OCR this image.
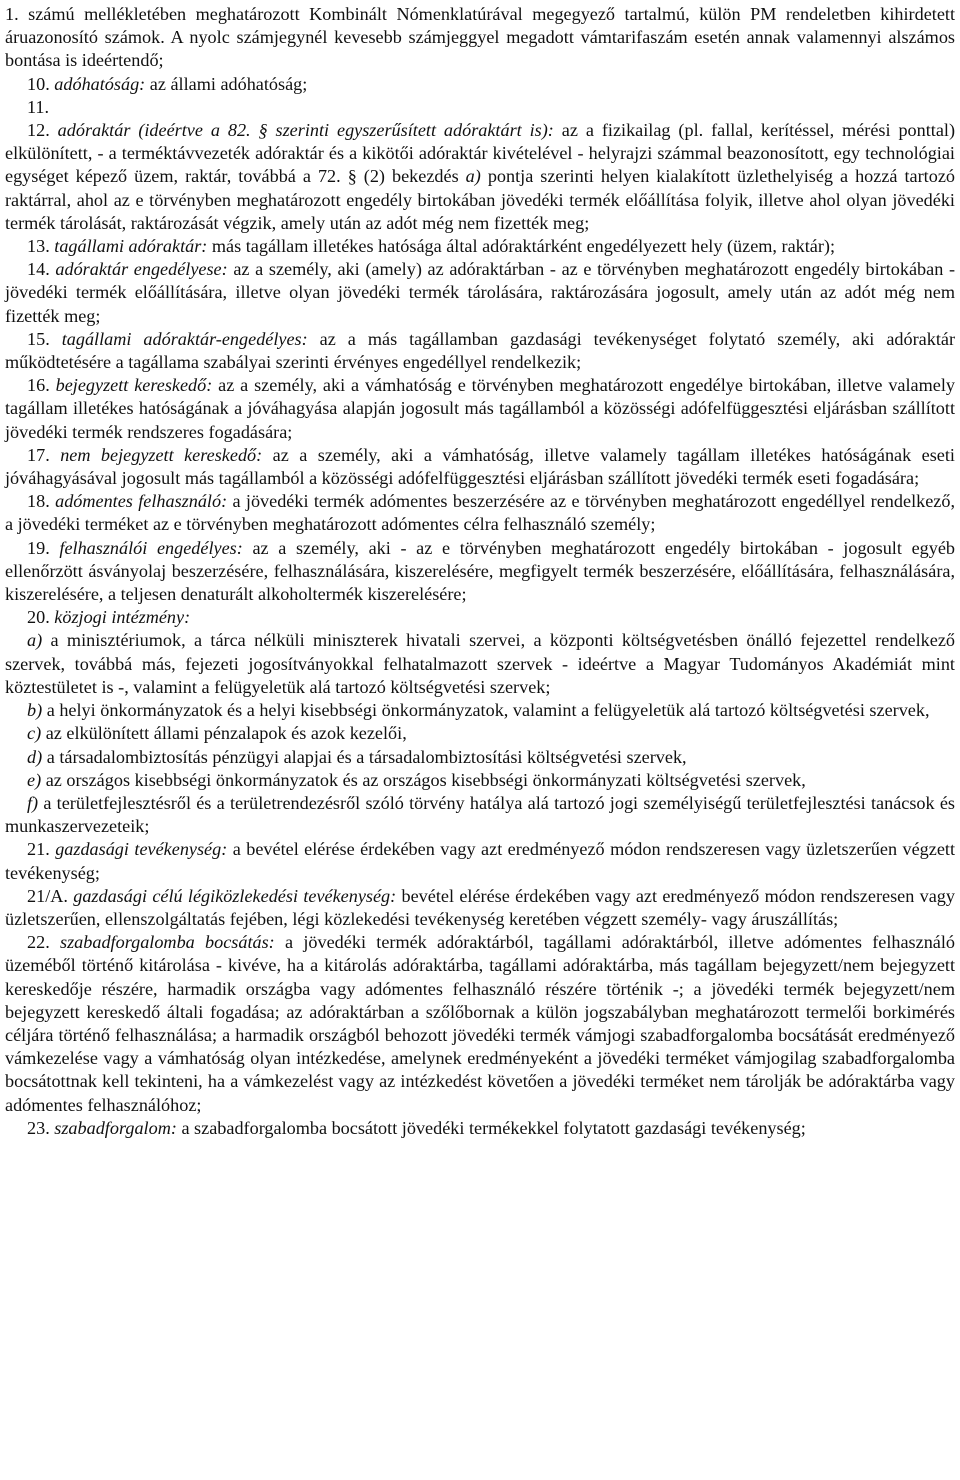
1. számú mellékletében meghatározott Kombinált Nómenklatúrával megegyező tartalmú, külön PM rendeletben kihirdetett áruazonosító számok. A nyolc számjegynél kevesebb számjeggyel megadott vámtarifaszám esetén annak valamennyi alszámos bontása is ideértendő;

10. adóhatóság: az állami adóhatóság;

11.

12. adóraktár (ideértve a 82. § szerinti egyszerűsített adóraktárt is): az a fizikailag (pl. fallal, kerítéssel, mérési ponttal) elkülönített, - a terméktávvezeték adóraktár és a kikötői adóraktár kivételével - helyrajzi számmal beazonosított, egy technológiai egységet képező üzem, raktár, továbbá a 72. § (2) bekezdés a) pontja szerinti helyen kialakított üzlethelyiség a hozzá tartozó raktárral, ahol az e törvényben meghatározott engedély birtokában jövedéki termék előállítása folyik, illetve ahol olyan jövedéki termék tárolását, raktározását végzik, amely után az adót még nem fizették meg;

13. tagállami adóraktár: más tagállam illetékes hatósága által adóraktárként engedélyezett hely (üzem, raktár);

14. adóraktár engedélyese: az a személy, aki (amely) az adóraktárban - az e törvényben meghatározott engedély birtokában - jövedéki termék előállítására, illetve olyan jövedéki termék tárolására, raktározására jogosult, amely után az adót még nem fizették meg;

15. tagállami adóraktár-engedélyes: az a más tagállamban gazdasági tevékenységet folytató személy, aki adóraktár működtetésére a tagállama szabályai szerinti érvényes engedéllyel rendelkezik;

16. bejegyzett kereskedő: az a személy, aki a vámhatóság e törvényben meghatározott engedélye birtokában, illetve valamely tagállam illetékes hatóságának a jóváhagyása alapján jogosult más tagállamból a közösségi adófelfüggesztési eljárásban szállított jövedéki termék rendszeres fogadására;

17. nem bejegyzett kereskedő: az a személy, aki a vámhatóság, illetve valamely tagállam illetékes hatóságának eseti jóváhagyásával jogosult más tagállamból a közösségi adófelfüggesztési eljárásban szállított jövedéki termék eseti fogadására;

18. adómentes felhasználó: a jövedéki termék adómentes beszerzésére az e törvényben meghatározott engedéllyel rendelkező, a jövedéki terméket az e törvényben meghatározott adómentes célra felhasználó személy;

19. felhasználói engedélyes: az a személy, aki - az e törvényben meghatározott engedély birtokában - jogosult egyéb ellenőrzött ásványolaj beszerzésére, felhasználására, kiszerelésére, megfigyelt termék beszerzésére, előállítására, felhasználására, kiszerelésére, a teljesen denaturált alkoholtermék kiszerelésére;

20. közjogi intézmény:

a) a minisztériumok, a tárca nélküli miniszterek hivatali szervei, a központi költségvetésben önálló fejezettel rendelkező szervek, továbbá más, fejezeti jogosítványokkal felhatalmazott szervek - ideértve a Magyar Tudományos Akadémiát mint köztestületet is -, valamint a felügyeletük alá tartozó költségvetési szervek;

b) a helyi önkormányzatok és a helyi kisebbségi önkormányzatok, valamint a felügyeletük alá tartozó költségvetési szervek,

c) az elkülönített állami pénzalapok és azok kezelői,

d) a társadalombiztosítás pénzügyi alapjai és a társadalombiztosítási költségvetési szervek,

e) az országos kisebbségi önkormányzatok és az országos kisebbségi önkormányzati költségvetési szervek,

f) a területfejlesztésről és a területrendezésről szóló törvény hatálya alá tartozó jogi személyiségű területfejlesztési tanácsok és munkaszervezeteik;

21. gazdasági tevékenység: a bevétel elérése érdekében vagy azt eredményező módon rendszeresen vagy üzletszerűen végzett tevékenység;

21/A. gazdasági célú légiközlekedési tevékenység: bevétel elérése érdekében vagy azt eredményező módon rendszeresen vagy üzletszerűen, ellenszolgáltatás fejében, légi közlekedési tevékenység keretében végzett személy- vagy áruszállítás;

22. szabadforgalomba bocsátás: a jövedéki termék adóraktárból, tagállami adóraktárból, illetve adómentes felhasználó üzeméből történő kitárolása - kivéve, ha a kitárolás adóraktárba, tagállami adóraktárba, más tagállam bejegyzett/nem bejegyzett kereskedője részére, harmadik országba vagy adómentes felhasználó részére történik -; a jövedéki termék bejegyzett/nem bejegyzett kereskedő általi fogadása; az adóraktárban a szőlőbornak a külön jogszabályban meghatározott termelői borkimérés céljára történő felhasználása; a harmadik országból behozott jövedéki termék vámjogi szabadforgalomba bocsátását eredményező vámkezelése vagy a vámhatóság olyan intézkedése, amelynek eredményeként a jövedéki terméket vámjogilag szabadforgalomba bocsátottnak kell tekinteni, ha a vámkezelést vagy az intézkedést követően a jövedéki terméket nem tárolják be adóraktárba vagy adómentes felhasználóhoz;

23. szabadforgalom: a szabadforgalomba bocsátott jövedéki termékekkel folytatott gazdasági tevékenység;
